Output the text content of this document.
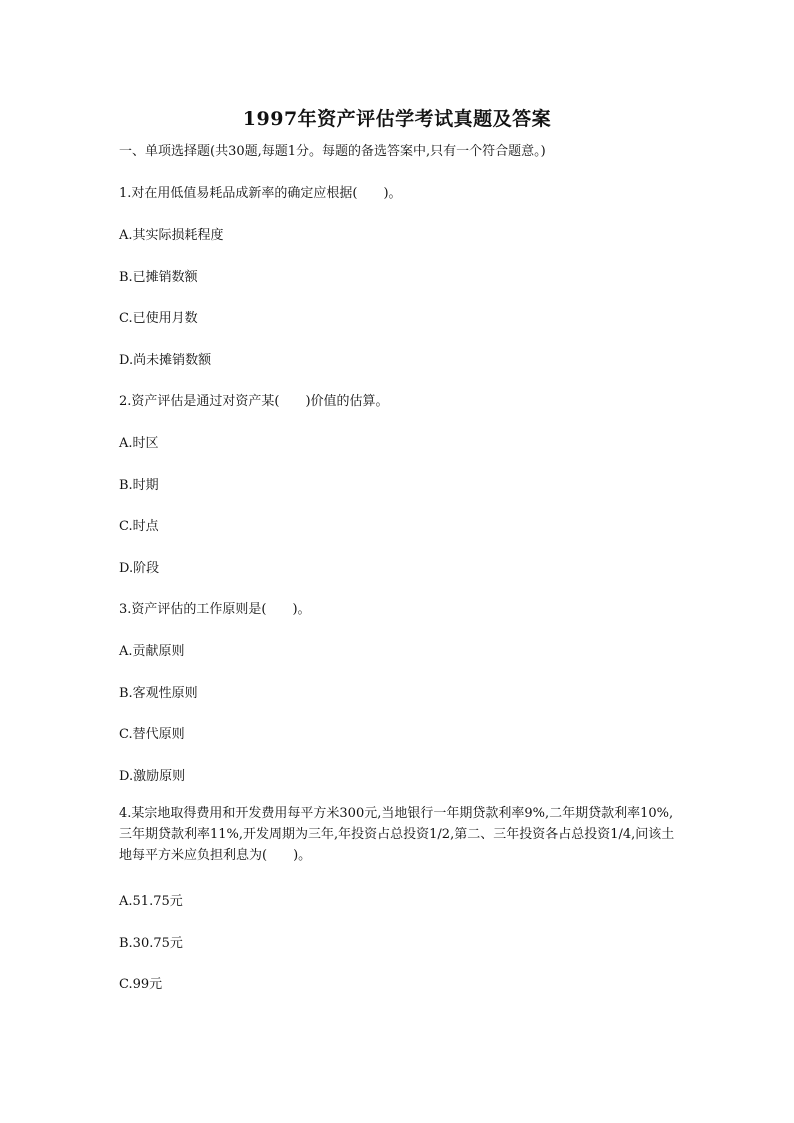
1997年资产评估学考试真题及答案
一、单项选择题(共30题,每题1分。每题的备选答案中,只有一个符合题意。)
1.对在用低值易耗品成新率的确定应根据(　　)。
A.其实际损耗程度
B.已摊销数额
C.已使用月数
D.尚未摊销数额
2.资产评估是通过对资产某(　　)价值的估算。
A.时区
B.时期
C.时点
D.阶段
3.资产评估的工作原则是(　　)。
A.贡献原则
B.客观性原则
C.替代原则
D.激励原则
4.某宗地取得费用和开发费用每平方米300元,当地银行一年期贷款利率9%,二年期贷款利率10%,三年期贷款利率11%,开发周期为三年,年投资占总投资1/2,第二、三年投资各占总投资1/4,问该土地每平方米应负担利息为(　　)。
A.51.75元
B.30.75元
C.99元
